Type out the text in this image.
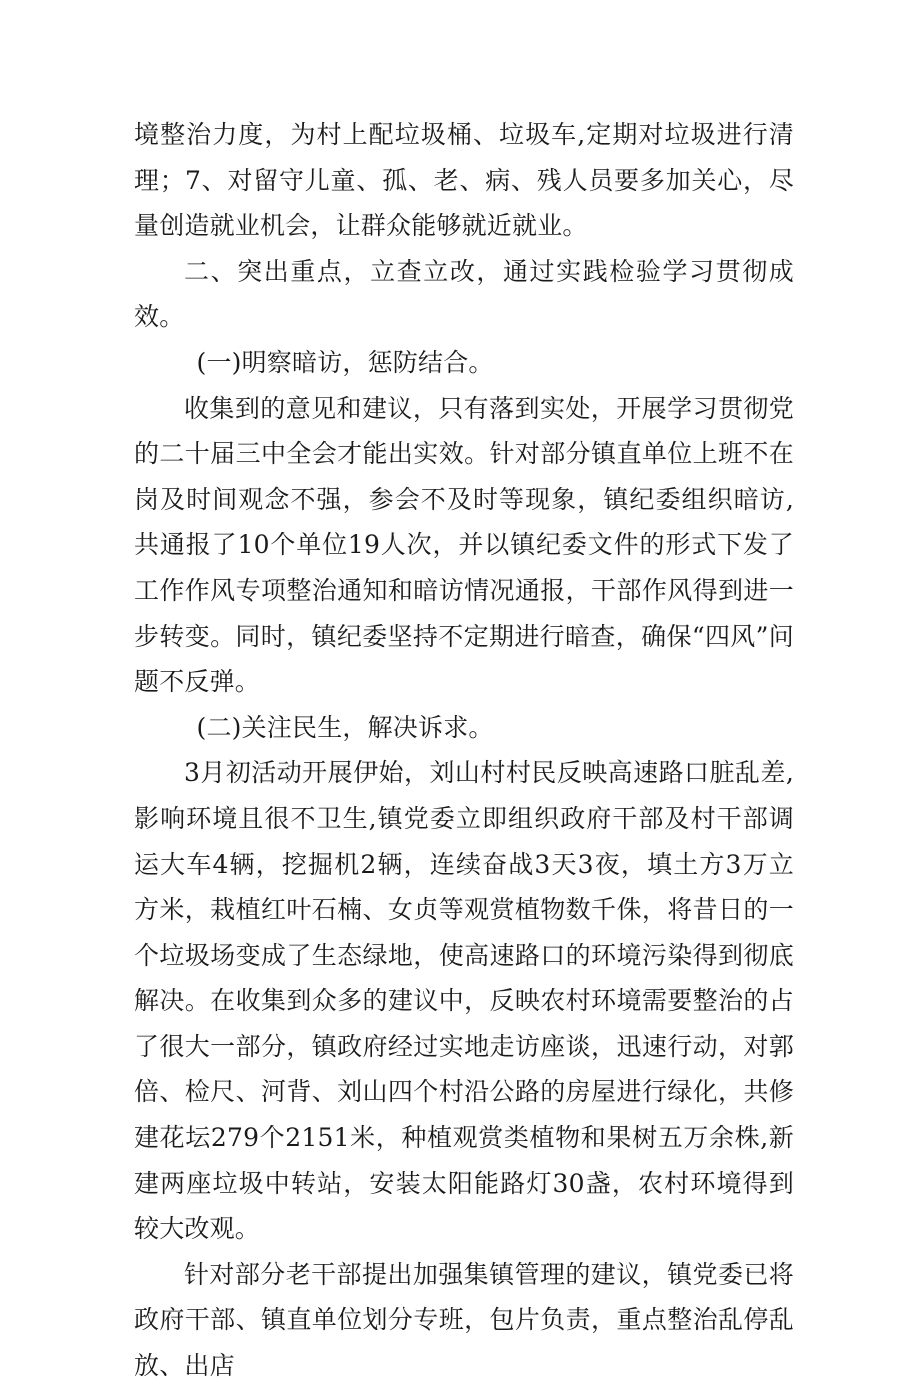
境整治力度，为村上配垃圾桶、垃圾车,定期对垃圾进行清理；7、对留守儿童、孤、老、病、残人员要多加关心，尽量创造就业机会，让群众能够就近就业。

二、突出重点，立查立改，通过实践检验学习贯彻成效。

(一)明察暗访，惩防结合。

收集到的意见和建议，只有落到实处，开展学习贯彻党的二十届三中全会才能出实效。针对部分镇直单位上班不在岗及时间观念不强，参会不及时等现象，镇纪委组织暗访,共通报了10个单位19人次，并以镇纪委文件的形式下发了工作作风专项整治通知和暗访情况通报，干部作风得到进一步转变。同时，镇纪委坚持不定期进行暗查，确保“四风”问题不反弹。

(二)关注民生，解决诉求。

3月初活动开展伊始，刘山村村民反映高速路口脏乱差,影响环境且很不卫生,镇党委立即组织政府干部及村干部调运大车4辆，挖掘机2辆，连续奋战3天3夜，填土方3万立方米，栽植红叶石楠、女贞等观赏植物数千侏，将昔日的一个垃圾场变成了生态绿地，使高速路口的环境污染得到彻底解决。在收集到众多的建议中，反映农村环境需要整治的占了很大一部分，镇政府经过实地走访座谈，迅速行动，对郭倍、检尺、河背、刘山四个村沿公路的房屋进行绿化，共修建花坛279个2151米，种植观赏类植物和果树五万余株,新建两座垃圾中转站，安装太阳能路灯30盏，农村环境得到较大改观。

针对部分老干部提出加强集镇管理的建议，镇党委已将政府干部、镇直单位划分专班，包片负责，重点整治乱停乱放、出店
